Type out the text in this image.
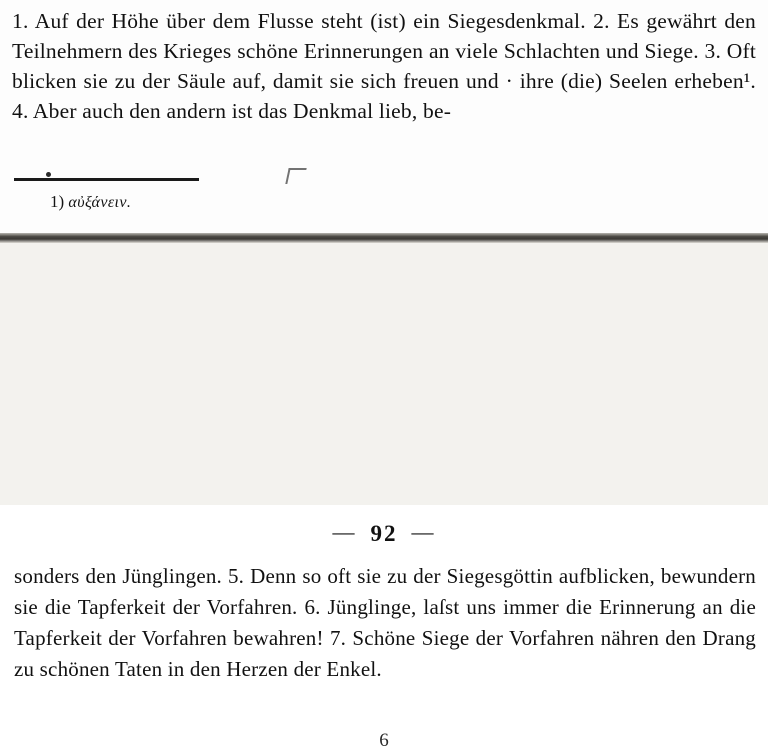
1. Auf der Höhe über dem Flusse steht (ist) ein Siegesdenkmal. 2. Es gewährt den Teilnehmern des Krieges schöne Erinnerungen an viele Schlachten und Siege. 3. Oft blicken sie zu der Säule auf, damit sie sich freuen und · ihre (die) Seelen erheben¹. 4. Aber auch den andern ist das Denkmal lieb, be-
1) αὐξάνειν.
— 92 —
sonders den Jünglingen. 5. Denn so oft sie zu der Siegesgöttin aufblicken, bewundern sie die Tapferkeit der Vorfahren. 6. Jünglinge, laſst uns immer die Erinnerung an die Tapferkeit der Vorfahren bewahren! 7. Schöne Siege der Vorfahren nähren den Drang zu schönen Taten in den Herzen der Enkel.
6
